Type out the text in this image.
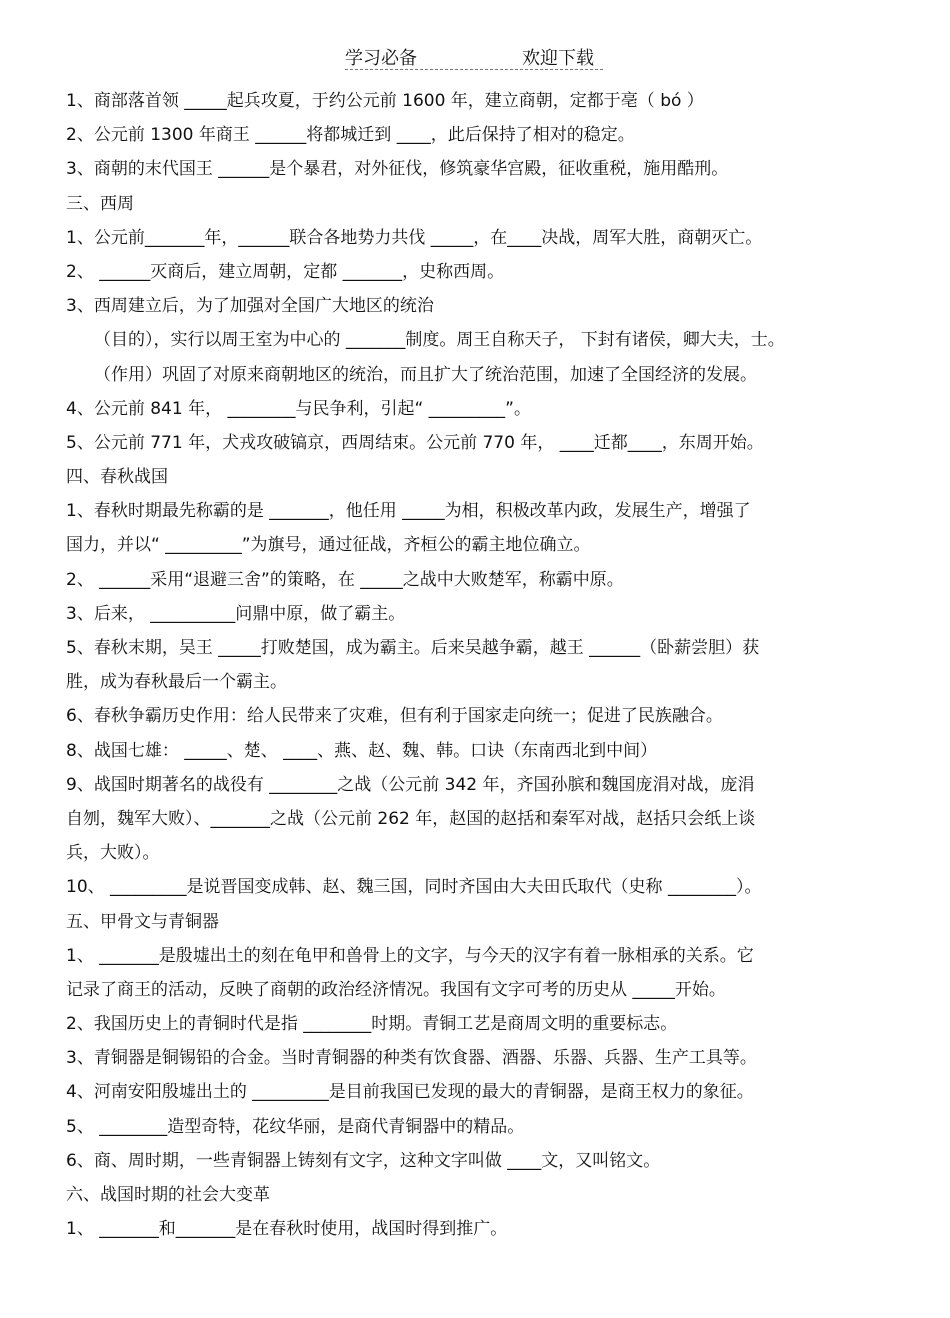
学习必备	欢迎下载
1、商部落首领 _____起兵攻夏，于约公元前 1600 年，建立商朝，定都于亳（ bó ）
2、公元前 1300 年商王 ______将都城迁到 ____，此后保持了相对的稳定。
3、商朝的末代国王 ______是个暴君，对外征伐，修筑豪华宫殿，征收重税，施用酷刑。
三、西周
1、公元前_______年，______联合各地势力共伐 _____，在____决战，周军大胜，商朝灭亡。
2、 ______灭商后，建立周朝，定都 _______，史称西周。
3、西周建立后，为了加强对全国广大地区的统治
（目的），实行以周王室为中心的 _______制度。周王自称天子， 下封有诸侯，卿大夫，士。
（作用）巩固了对原来商朝地区的统治，而且扩大了统治范围，加速了全国经济的发展。
4、公元前 841 年， ________与民争利，引起“ _________”。
5、公元前 771 年，犬戎攻破镐京，西周结束。公元前 770 年， ____迁都____，东周开始。
四、春秋战国
1、春秋时期最先称霸的是 _______，他任用 _____为相，积极改革内政，发展生产，增强了
国力，并以“ _________”为旗号，通过征战，齐桓公的霸主地位确立。
2、 ______采用“退避三舍”的策略，在 _____之战中大败楚军，称霸中原。
3、后来， __________问鼎中原，做了霸主。
5、春秋末期，吴王 _____打败楚国，成为霸主。后来吴越争霸，越王 ______（卧薪尝胆）获
胜，成为春秋最后一个霸主。
6、春秋争霸历史作用：给人民带来了灾难，但有利于国家走向统一；促进了民族融合。
8、战国七雄： _____、楚、 ____、燕、赵、魏、韩。口诀（东南西北到中间）
9、战国时期著名的战役有 ________之战（公元前 342 年，齐国孙膑和魏国庞涓对战，庞涓
自刎，魏军大败）、_______之战（公元前 262 年，赵国的赵括和秦军对战，赵括只会纸上谈
兵，大败）。
10、 _________是说晋国变成韩、赵、魏三国，同时齐国由大夫田氏取代（史称 ________）。
五、甲骨文与青铜器
1、 _______是殷墟出土的刻在龟甲和兽骨上的文字，与今天的汉字有着一脉相承的关系。它
记录了商王的活动，反映了商朝的政治经济情况。我国有文字可考的历史从 _____开始。
2、我国历史上的青铜时代是指 ________时期。青铜工艺是商周文明的重要标志。
3、青铜器是铜锡铅的合金。当时青铜器的种类有饮食器、酒器、乐器、兵器、生产工具等。
4、河南安阳殷墟出土的 _________是目前我国已发现的最大的青铜器，是商王权力的象征。
5、 ________造型奇特，花纹华丽，是商代青铜器中的精品。
6、商、周时期，一些青铜器上铸刻有文字，这种文字叫做 ____文，又叫铭文。
六、战国时期的社会大变革
1、 _______和_______是在春秋时使用，战国时得到推广。
